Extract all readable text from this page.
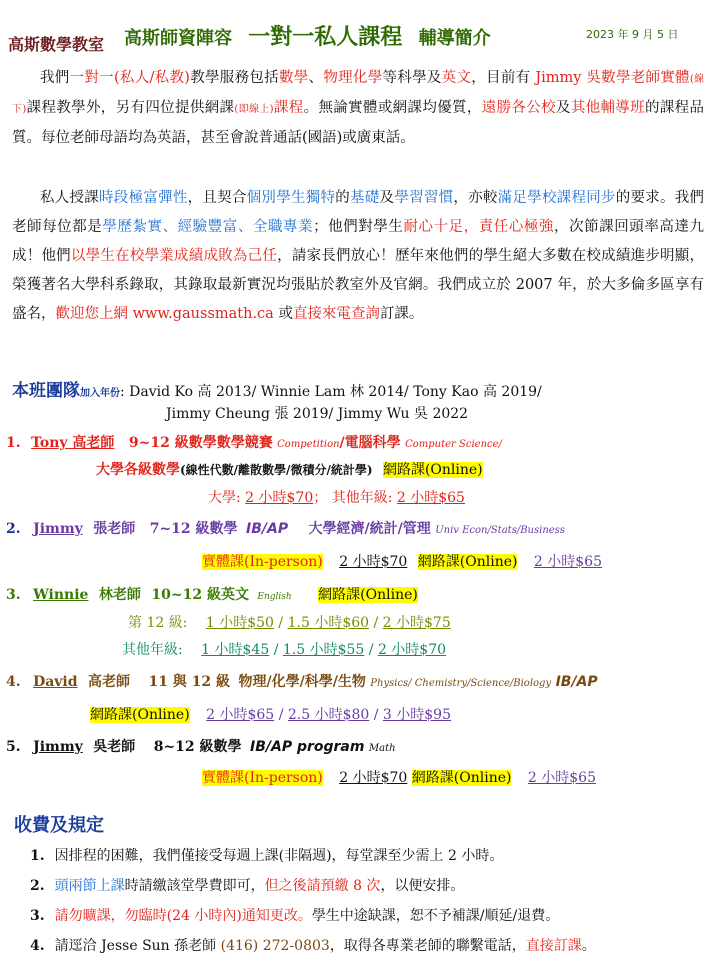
高斯數學教室 高斯師資陣容 一對一私人課程 輔導簡介	2023 年 9 月 5 日
我們一對一(私人/私教)教學服務包括數學、物理化學等科學及英文，目前有 Jimmy 吳數學老師實體(線下)課程教學外，另有四位提供網課(即線上)課程。無論實體或網課均優質，遠勝各公校及其他輔導班的課程品質。每位老師母語均為英語，甚至會說普通話(國語)或廣東話。
私人授課時段極富彈性，且契合個別學生獨特的基礎及學習習慣，亦較滿足學校課程同步的要求。我們老師每位都是學歷紮實、經驗豐富、全職專業；他們對學生耐心十足，責任心極強，次節課回頭率高達九成！他們以學生在校學業成績成敗為己任，請家長們放心！歷年來他們的學生絕大多數在校成績進步明顯，榮獲著名大學科系錄取，其錄取最新實況均張貼於教室外及官網。我們成立於 2007 年，於大多倫多區享有盛名，歡迎您上網 www.gaussmath.ca 或直接來電查詢訂課。
本班團隊加入年份: David Ko 高 2013/ Winnie Lam 林 2014/ Tony Kao 高 2019/
Jimmy Cheung 張 2019/ Jimmy Wu 吳 2022
1. Tony 高老師 9~12 級數學數學競賽 Competition/電腦科學 Computer Science/
大學各級數學(線性代數/離散數學/微積分/統計學) 網路課(Online)
大學: 2 小時$70； 其他年級: 2 小時$65
2. Jimmy 張老師 7~12 級數學 IB/AP 大學經濟/統計/管理 Univ Econ/Stats/Business
實體課(In-person) 2 小時$70 網路課(Online) 2 小時$65
3. Winnie 林老師 10~12 級英文 English 網路課(Online)
第 12 級: 1 小時$50 / 1.5 小時$60 / 2 小時$75
其他年級: 1 小時$45 / 1.5 小時$55 / 2 小時$70
4. David 高老師 11 與 12 級 物理/化學/科學/生物 Physics/ Chemistry/Science/Biology IB/AP
網路課(Online) 2 小時$65 / 2.5 小時$80 / 3 小時$95
5. Jimmy 吳老師 8~12 級數學 IB/AP program Math
實體課(In-person) 2 小時$70 網路課(Online) 2 小時$65
收費及規定
1. 因排程的困難，我們僅接受每週上課(非隔週)，每堂課至少需上 2 小時。
2. 頭兩節上課時請繳該堂學費即可，但之後請預繳 8 次，以便安排。
3. 請勿曠課，勿臨時(24 小時內)通知更改。學生中途缺課，恕不予補課/順延/退費。
4. 請逕洽 Jesse Sun 孫老師 (416) 272-0803，取得各專業老師的聯繫電話，直接訂課。
